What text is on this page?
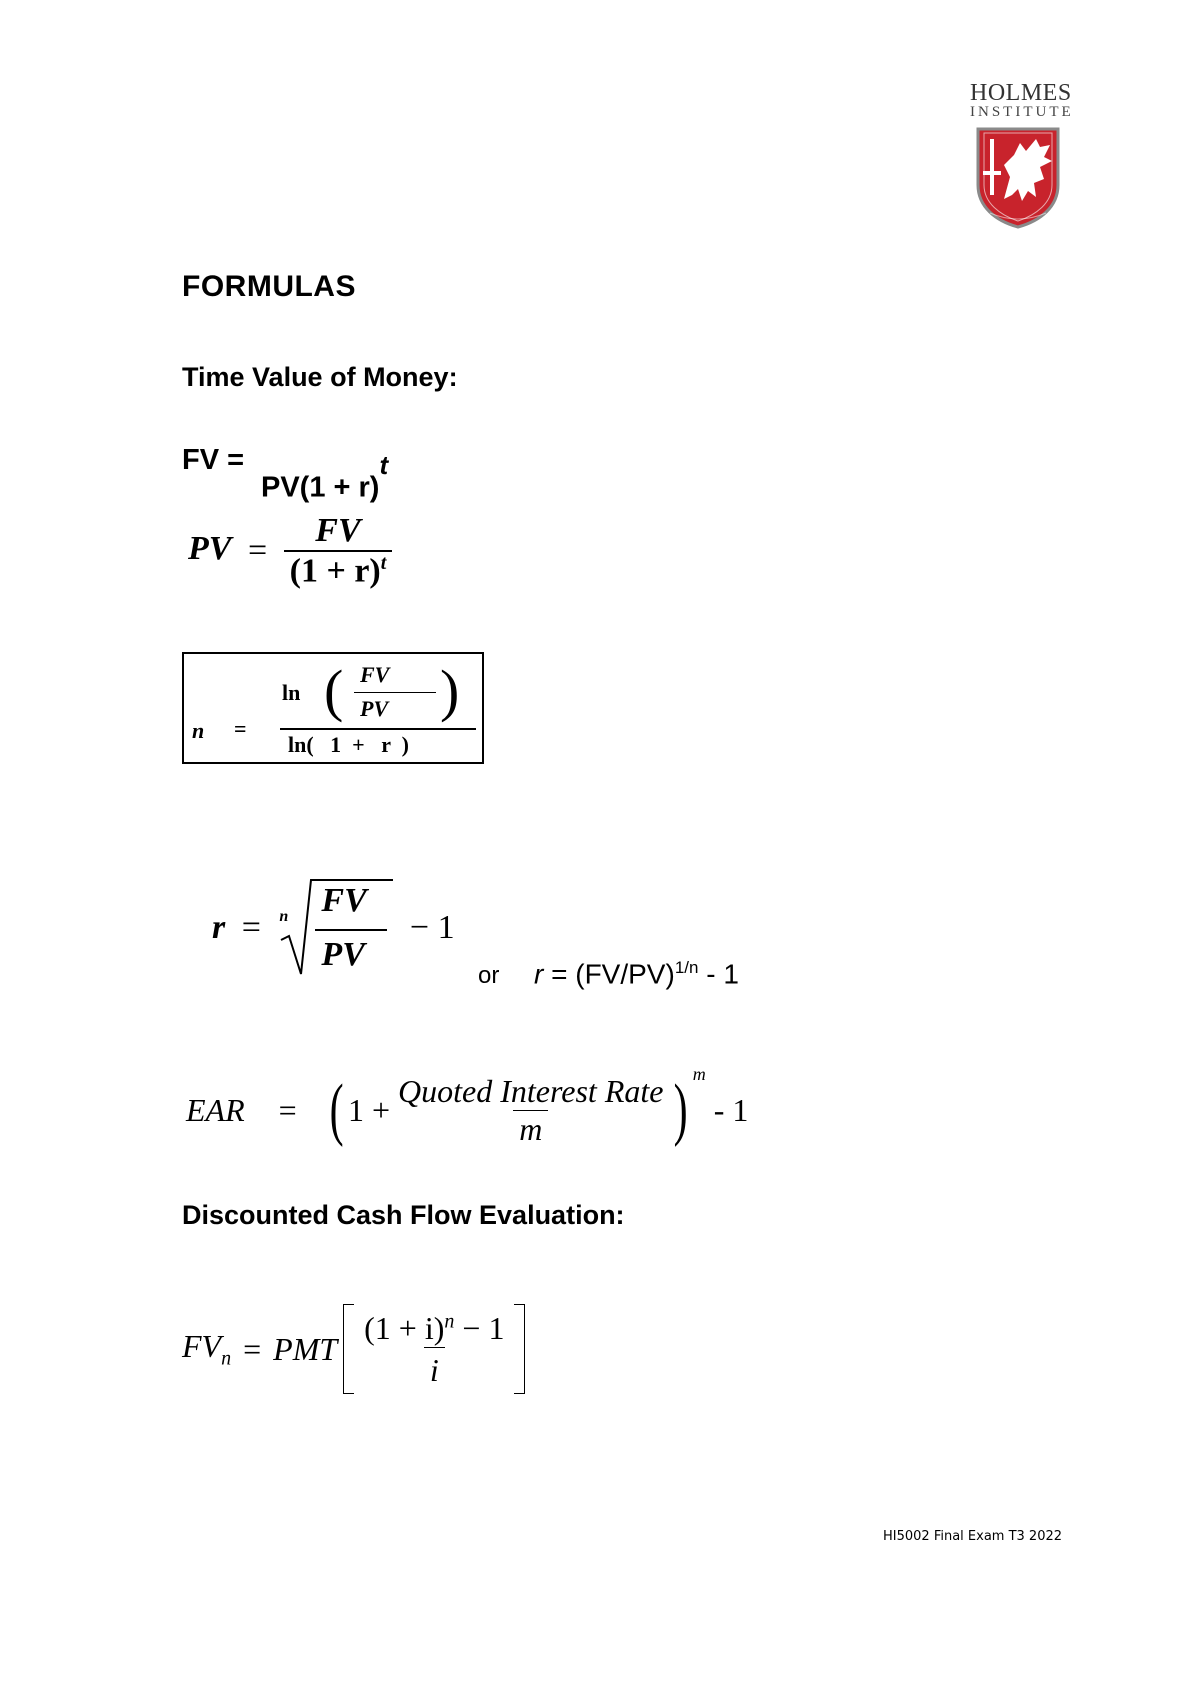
HOLMES
INSTITUTE
FORMULAS
Time Value of Money:
FV =
$PV(1 + r)^t$
PV = $\frac{FV}{(1 + r)^t}$
n =
ln ( FV
PV )
ln(   1  +   r  )
r = n FV
PV
− 1
or $r = (FV/PV)^{1/n} - 1$
EAR = ( $1 + \frac{\text{Quoted Interest Rate}}{m}$ ) m
- 1
Discounted Cash Flow Evaluation:
$FV_n$ = PMT $\frac{(1 + i)^n - 1}{i}$
HI5002 Final Exam T3 2022
